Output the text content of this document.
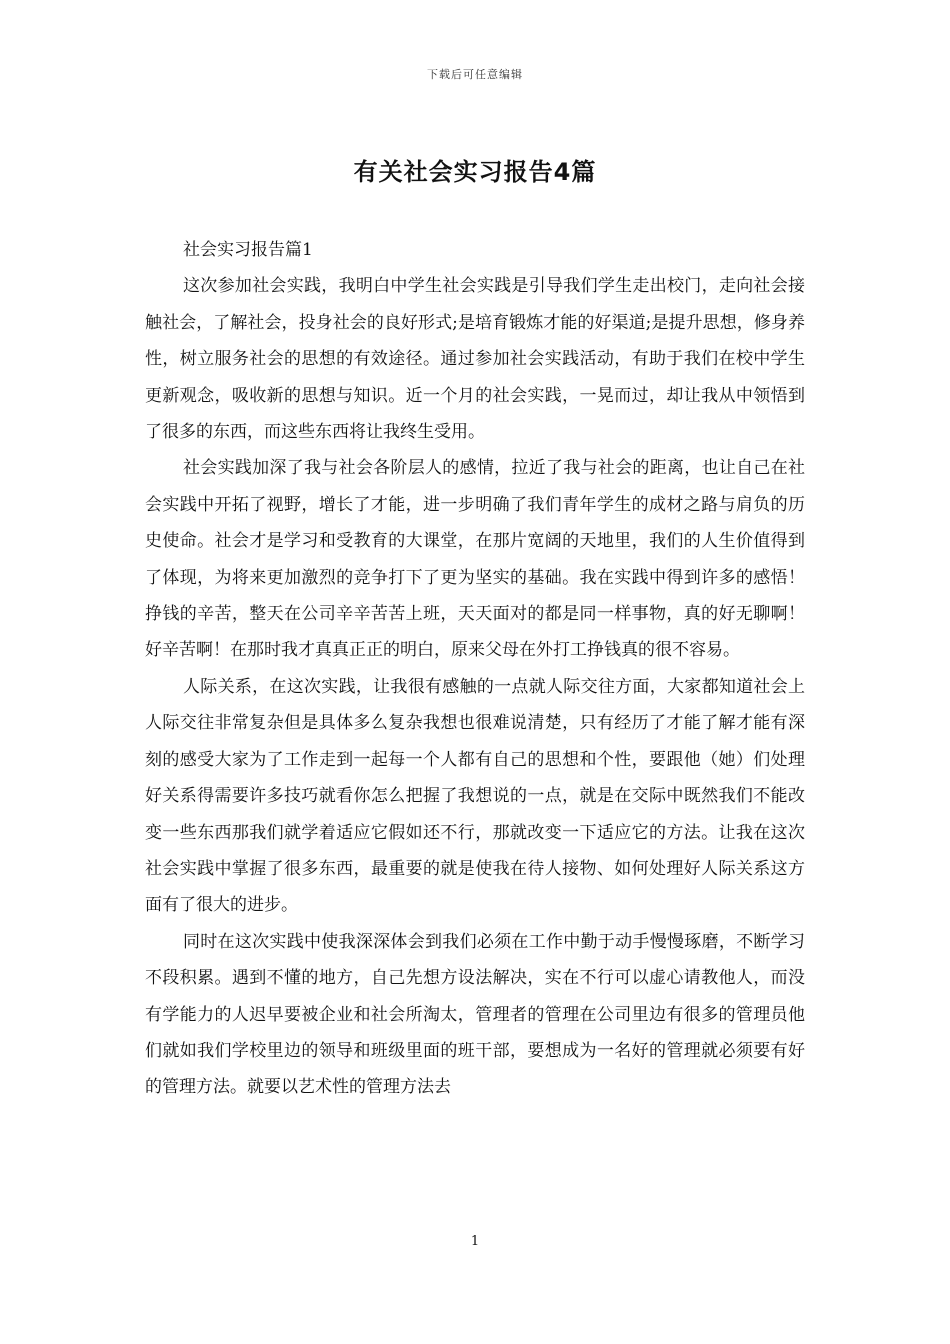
下载后可任意编辑
有关社会实习报告4篇

社会实习报告篇1

这次参加社会实践，我明白中学生社会实践是引导我们学生走出校门，走向社会接触社会，了解社会，投身社会的良好形式;是培育锻炼才能的好渠道;是提升思想，修身养性，树立服务社会的思想的有效途径。通过参加社会实践活动，有助于我们在校中学生更新观念，吸收新的思想与知识。近一个月的社会实践，一晃而过，却让我从中领悟到了很多的东西，而这些东西将让我终生受用。

社会实践加深了我与社会各阶层人的感情，拉近了我与社会的距离，也让自己在社会实践中开拓了视野，增长了才能，进一步明确了我们青年学生的成材之路与肩负的历史使命。社会才是学习和受教育的大课堂，在那片宽阔的天地里，我们的人生价值得到了体现，为将来更加激烈的竞争打下了更为坚实的基础。我在实践中得到许多的感悟！挣钱的辛苦，整天在公司辛辛苦苦上班，天天面对的都是同一样事物，真的好无聊啊！好辛苦啊！在那时我才真真正正的明白，原来父母在外打工挣钱真的很不容易。

人际关系，在这次实践，让我很有感触的一点就人际交往方面，大家都知道社会上人际交往非常复杂但是具体多么复杂我想也很难说清楚，只有经历了才能了解才能有深刻的感受大家为了工作走到一起每一个人都有自己的思想和个性，要跟他（她）们处理好关系得需要许多技巧就看你怎么把握了我想说的一点，就是在交际中既然我们不能改变一些东西那我们就学着适应它假如还不行，那就改变一下适应它的方法。让我在这次社会实践中掌握了很多东西，最重要的就是使我在待人接物、如何处理好人际关系这方面有了很大的进步。

同时在这次实践中使我深深体会到我们必须在工作中勤于动手慢慢琢磨，不断学习不段积累。遇到不懂的地方，自己先想方设法解决，实在不行可以虚心请教他人，而没有学能力的人迟早要被企业和社会所淘太，管理者的管理在公司里边有很多的管理员他们就如我们学校里边的领导和班级里面的班干部，要想成为一名好的管理就必须要有好的管理方法。就要以艺术性的管理方法去

1
